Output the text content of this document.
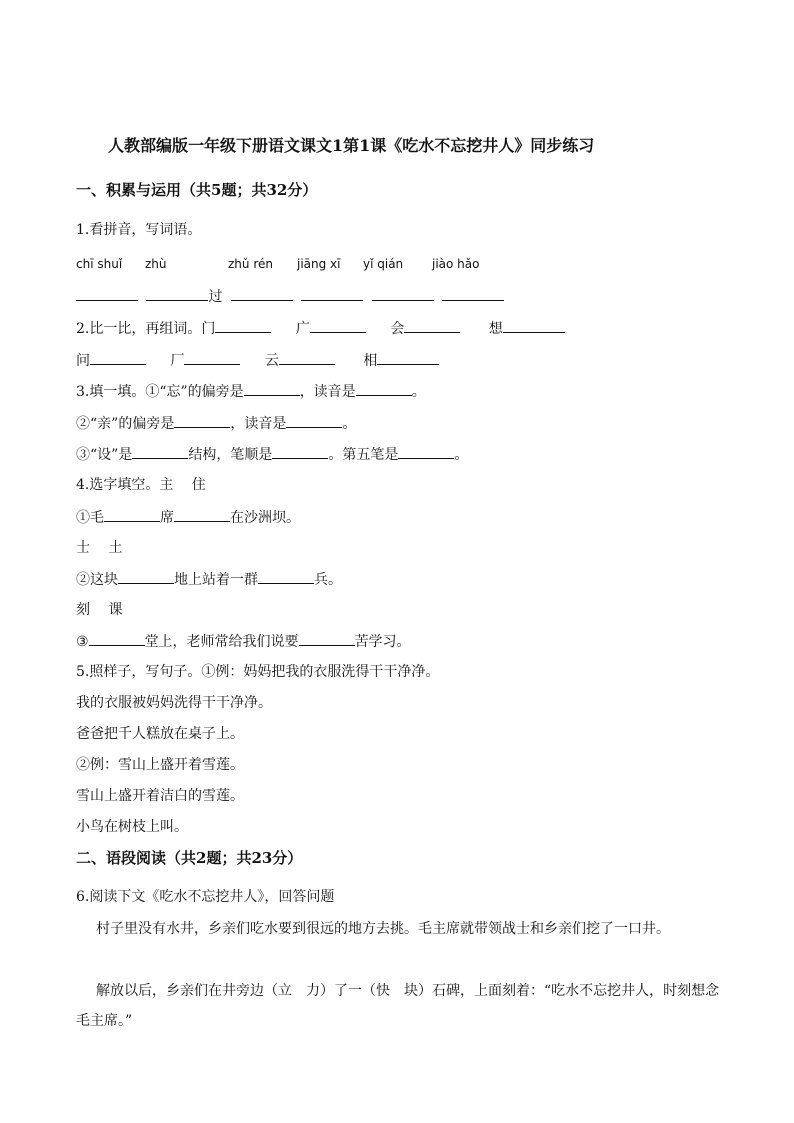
人教部编版一年级下册语文课文1第1课《吃水不忘挖井人》同步练习
一、积累与运用（共5题；共32分）
1.看拼音，写词语。
chī shuǐ zhù	zhǔ rén jiāng xī yǐ qián jiào hǎo
过
2.比一比，再组词。门	广	会	想
问	厂	云	相
3.填一填。①“忘”的偏旁是	，读音是	。
②“亲”的偏旁是	，读音是	。
③“设”是	结构，笔顺是	。第五笔是	。
4.选字填空。主　 住
①毛	席	在沙洲坝。
士　 土
②这块	地上站着一群	兵。
刻　 课
③	堂上，老师常给我们说要	苦学习。
5.照样子，写句子。①例：妈妈把我的衣服洗得干干净净。
我的衣服被妈妈洗得干干净净。
爸爸把千人糕放在桌子上。
②例：雪山上盛开着雪莲。
雪山上盛开着洁白的雪莲。
小鸟在树枝上叫。
二、语段阅读（共2题；共23分）
6.阅读下文《吃水不忘挖井人》，回答问题
村子里没有水井，乡亲们吃水要到很远的地方去挑。毛主席就带领战士和乡亲们挖了一口井。
解放以后，乡亲们在井旁边（立　力）了一（快　块）石碑，上面刻着：“吃水不忘挖井人，时刻想念毛主席。”
